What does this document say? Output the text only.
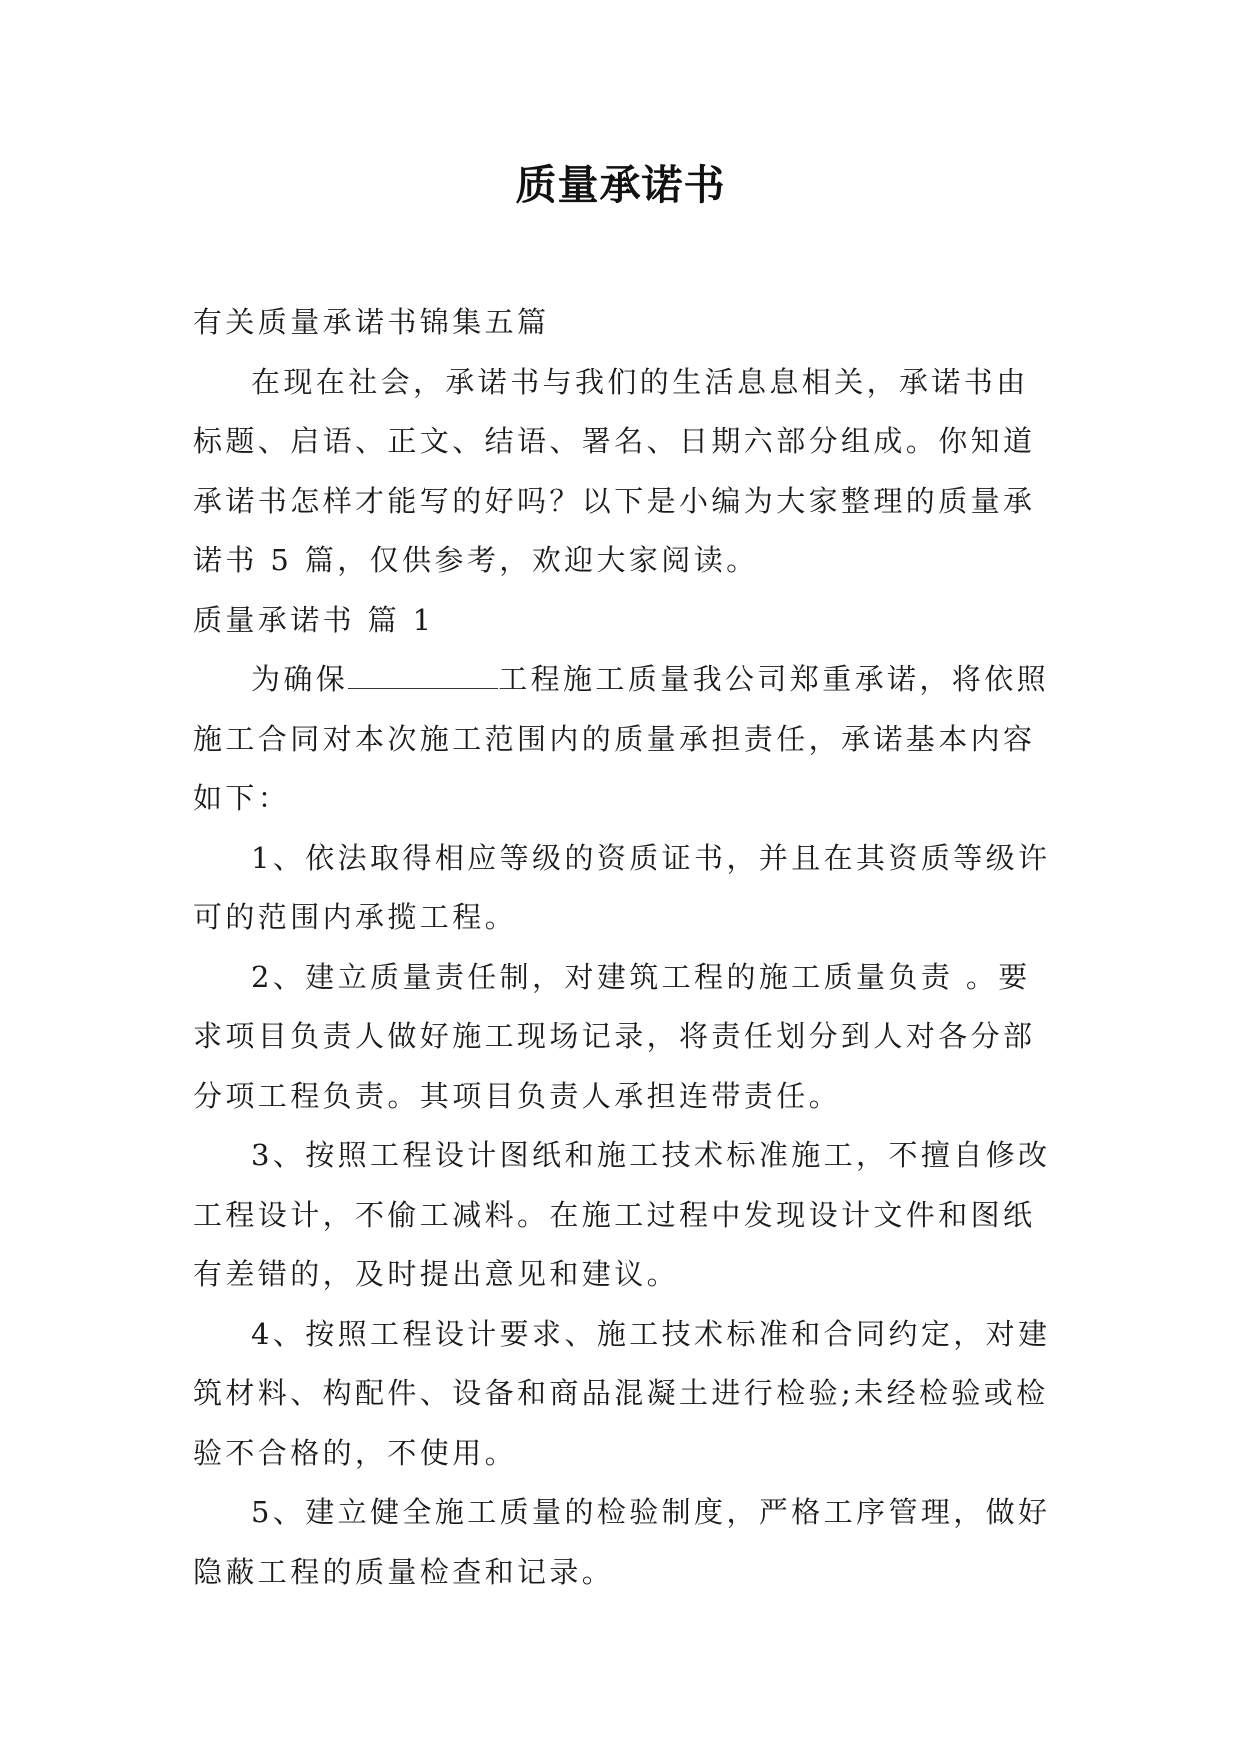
质量承诺书

有关质量承诺书锦集五篇

在现在社会，承诺书与我们的生活息息相关，承诺书由标题、启语、正文、结语、署名、日期六部分组成。你知道承诺书怎样才能写的好吗？以下是小编为大家整理的质量承诺书 5 篇，仅供参考，欢迎大家阅读。

质量承诺书 篇 1

为确保	工程施工质量我公司郑重承诺，将依照施工合同对本次施工范围内的质量承担责任，承诺基本内容如下：

1、依法取得相应等级的资质证书，并且在其资质等级许可的范围内承揽工程。

2、建立质量责任制，对建筑工程的施工质量负责 。要求项目负责人做好施工现场记录，将责任划分到人对各分部分项工程负责。其项目负责人承担连带责任。

3、按照工程设计图纸和施工技术标准施工，不擅自修改工程设计，不偷工减料。在施工过程中发现设计文件和图纸有差错的，及时提出意见和建议。

4、按照工程设计要求、施工技术标准和合同约定，对建筑材料、构配件、设备和商品混凝土进行检验;未经检验或检验不合格的，不使用。

5、建立健全施工质量的检验制度，严格工序管理，做好隐蔽工程的质量检查和记录。
